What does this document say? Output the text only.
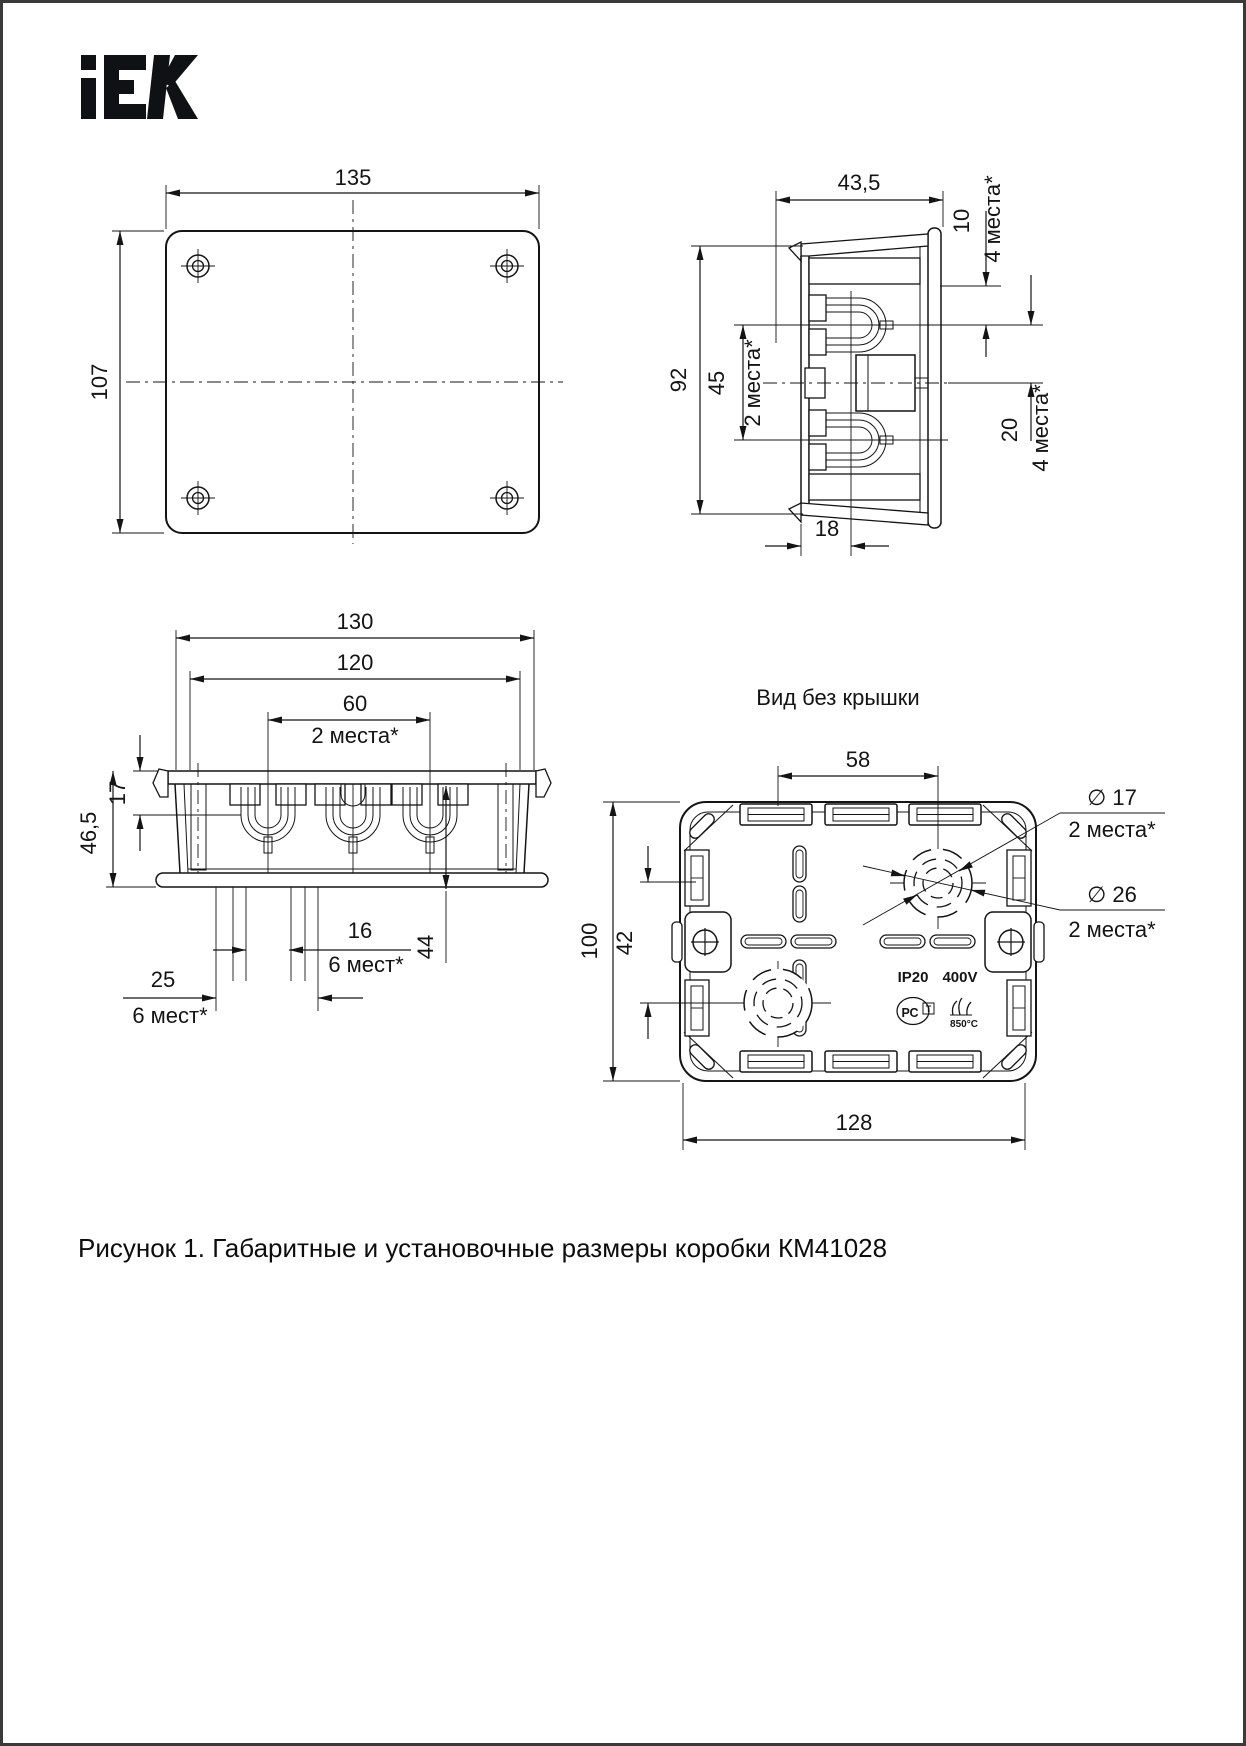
135
107
43,5
92 45 2 места*
10 4 места*
20 4 места*
18
130
120
60
2 места*
17
46,5
44
16
6 мест*
25
6 мест*
Вид без крышки
IP20 400V
РС Т
850°С
58
100 42
128
∅ 17
2 места*
∅ 26
2 места*
Рисунок 1. Габаритные и установочные размеры коробки КМ41028
